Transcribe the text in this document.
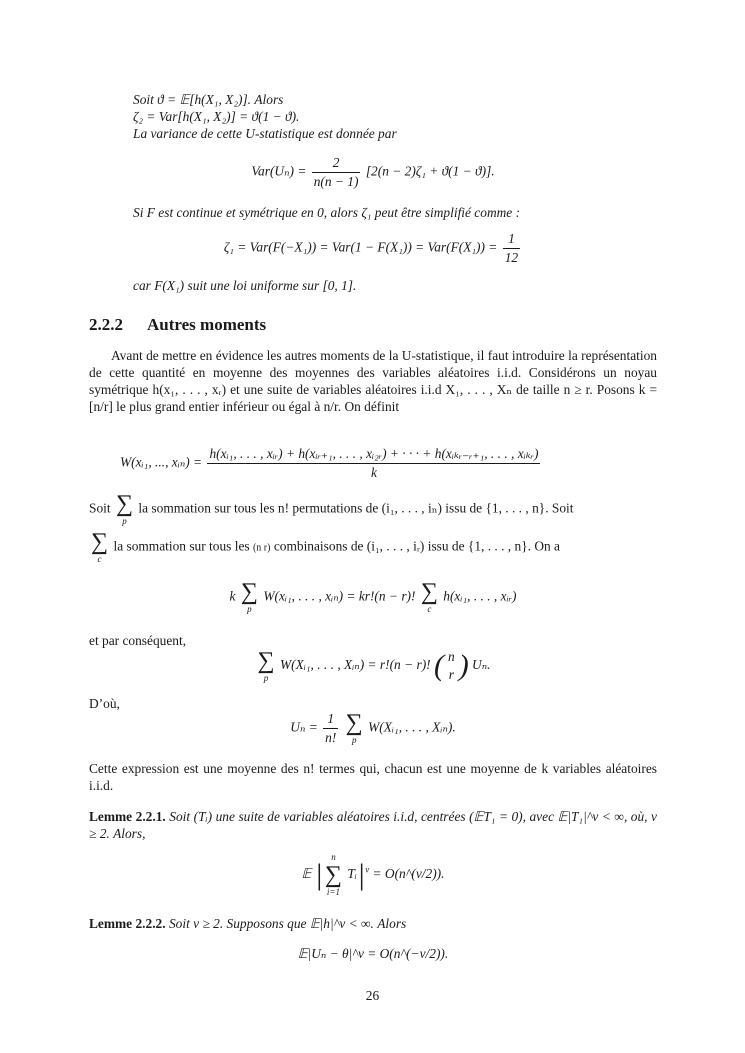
Soit ϑ = 𝔼[h(X₁, X₂)]. Alors
ζ₂ = Var[h(X₁, X₂)] = ϑ(1 − ϑ).
La variance de cette U-statistique est donnée par
$Var(U_n) = \frac{2}{n(n - 1)} [2(n - 2)\zeta_1 + ϑ(1 - ϑ)]$.
Si F est continue et symétrique en 0, alors ζ₁ peut être simplifié comme :
$\zeta_1 = Var(F(-X_1)) = Var(1 - F(X_1)) = Var(F(X_1)) = \frac{1}{12}$
car F(X₁) suit une loi uniforme sur [0, 1].
2.2.2 Autres moments
Avant de mettre en évidence les autres moments de la U-statistique, il faut introduire la représentation de cette quantité en moyenne des moyennes des variables aléatoires i.i.d. Considérons un noyau symétrique h(x₁, . . . , xᵣ) et une suite de variables aléatoires i.i.d X₁, . . . , Xₙ de taille n ≥ r. Posons k = [n/r] le plus grand entier inférieur ou égal à n/r. On définit
W(xᵢ₁, ..., xᵢₙ) =
h(xᵢ₁, . . . , xᵢᵣ) + h(xᵢᵣ₊₁, . . . , xᵢ₂ᵣ) + · · · + h(xᵢₖᵣ₋ᵣ₊₁, . . . , xᵢₖᵣ)
k
Soit ∑
p
la sommation sur tous les n! permutations de (i₁, . . . , iₙ) issu de {1, . . . , n}. Soit
∑
c
la sommation sur tous les (n r) combinaisons de (i₁, . . . , iᵣ) issu de {1, . . . , n}. On a
k ∑
p
W(xᵢ₁, . . . , xᵢₙ) = kr!(n − r)! ∑
c
h(xᵢ₁, . . . , xᵢᵣ)
et par conséquent,
∑
p
W(Xᵢ₁, . . . , Xᵢₙ) = r!(n − r)! ( n
r ) Uₙ.
D’où,
$U_n = \frac{1}{n!}$
∑
p
W(Xᵢ₁, . . . , Xᵢₙ).
Cette expression est une moyenne des n! termes qui, chacun est une moyenne de k variables aléatoires i.i.d.
Lemme 2.2.1. Soit (Tᵢ) une suite de variables aléatoires i.i.d, centrées (𝔼T₁ = 0), avec 𝔼|T₁|^ν < ∞, où, ν ≥ 2. Alors,
𝔼 |
n
∑
i=1
$Tᵢ|^\nu$ = O(n^(ν/2)).
Lemme 2.2.2. Soit ν ≥ 2. Supposons que 𝔼|h|^ν < ∞. Alors
𝔼|Uₙ − θ|^ν = O(n^(−ν/2)).
26
